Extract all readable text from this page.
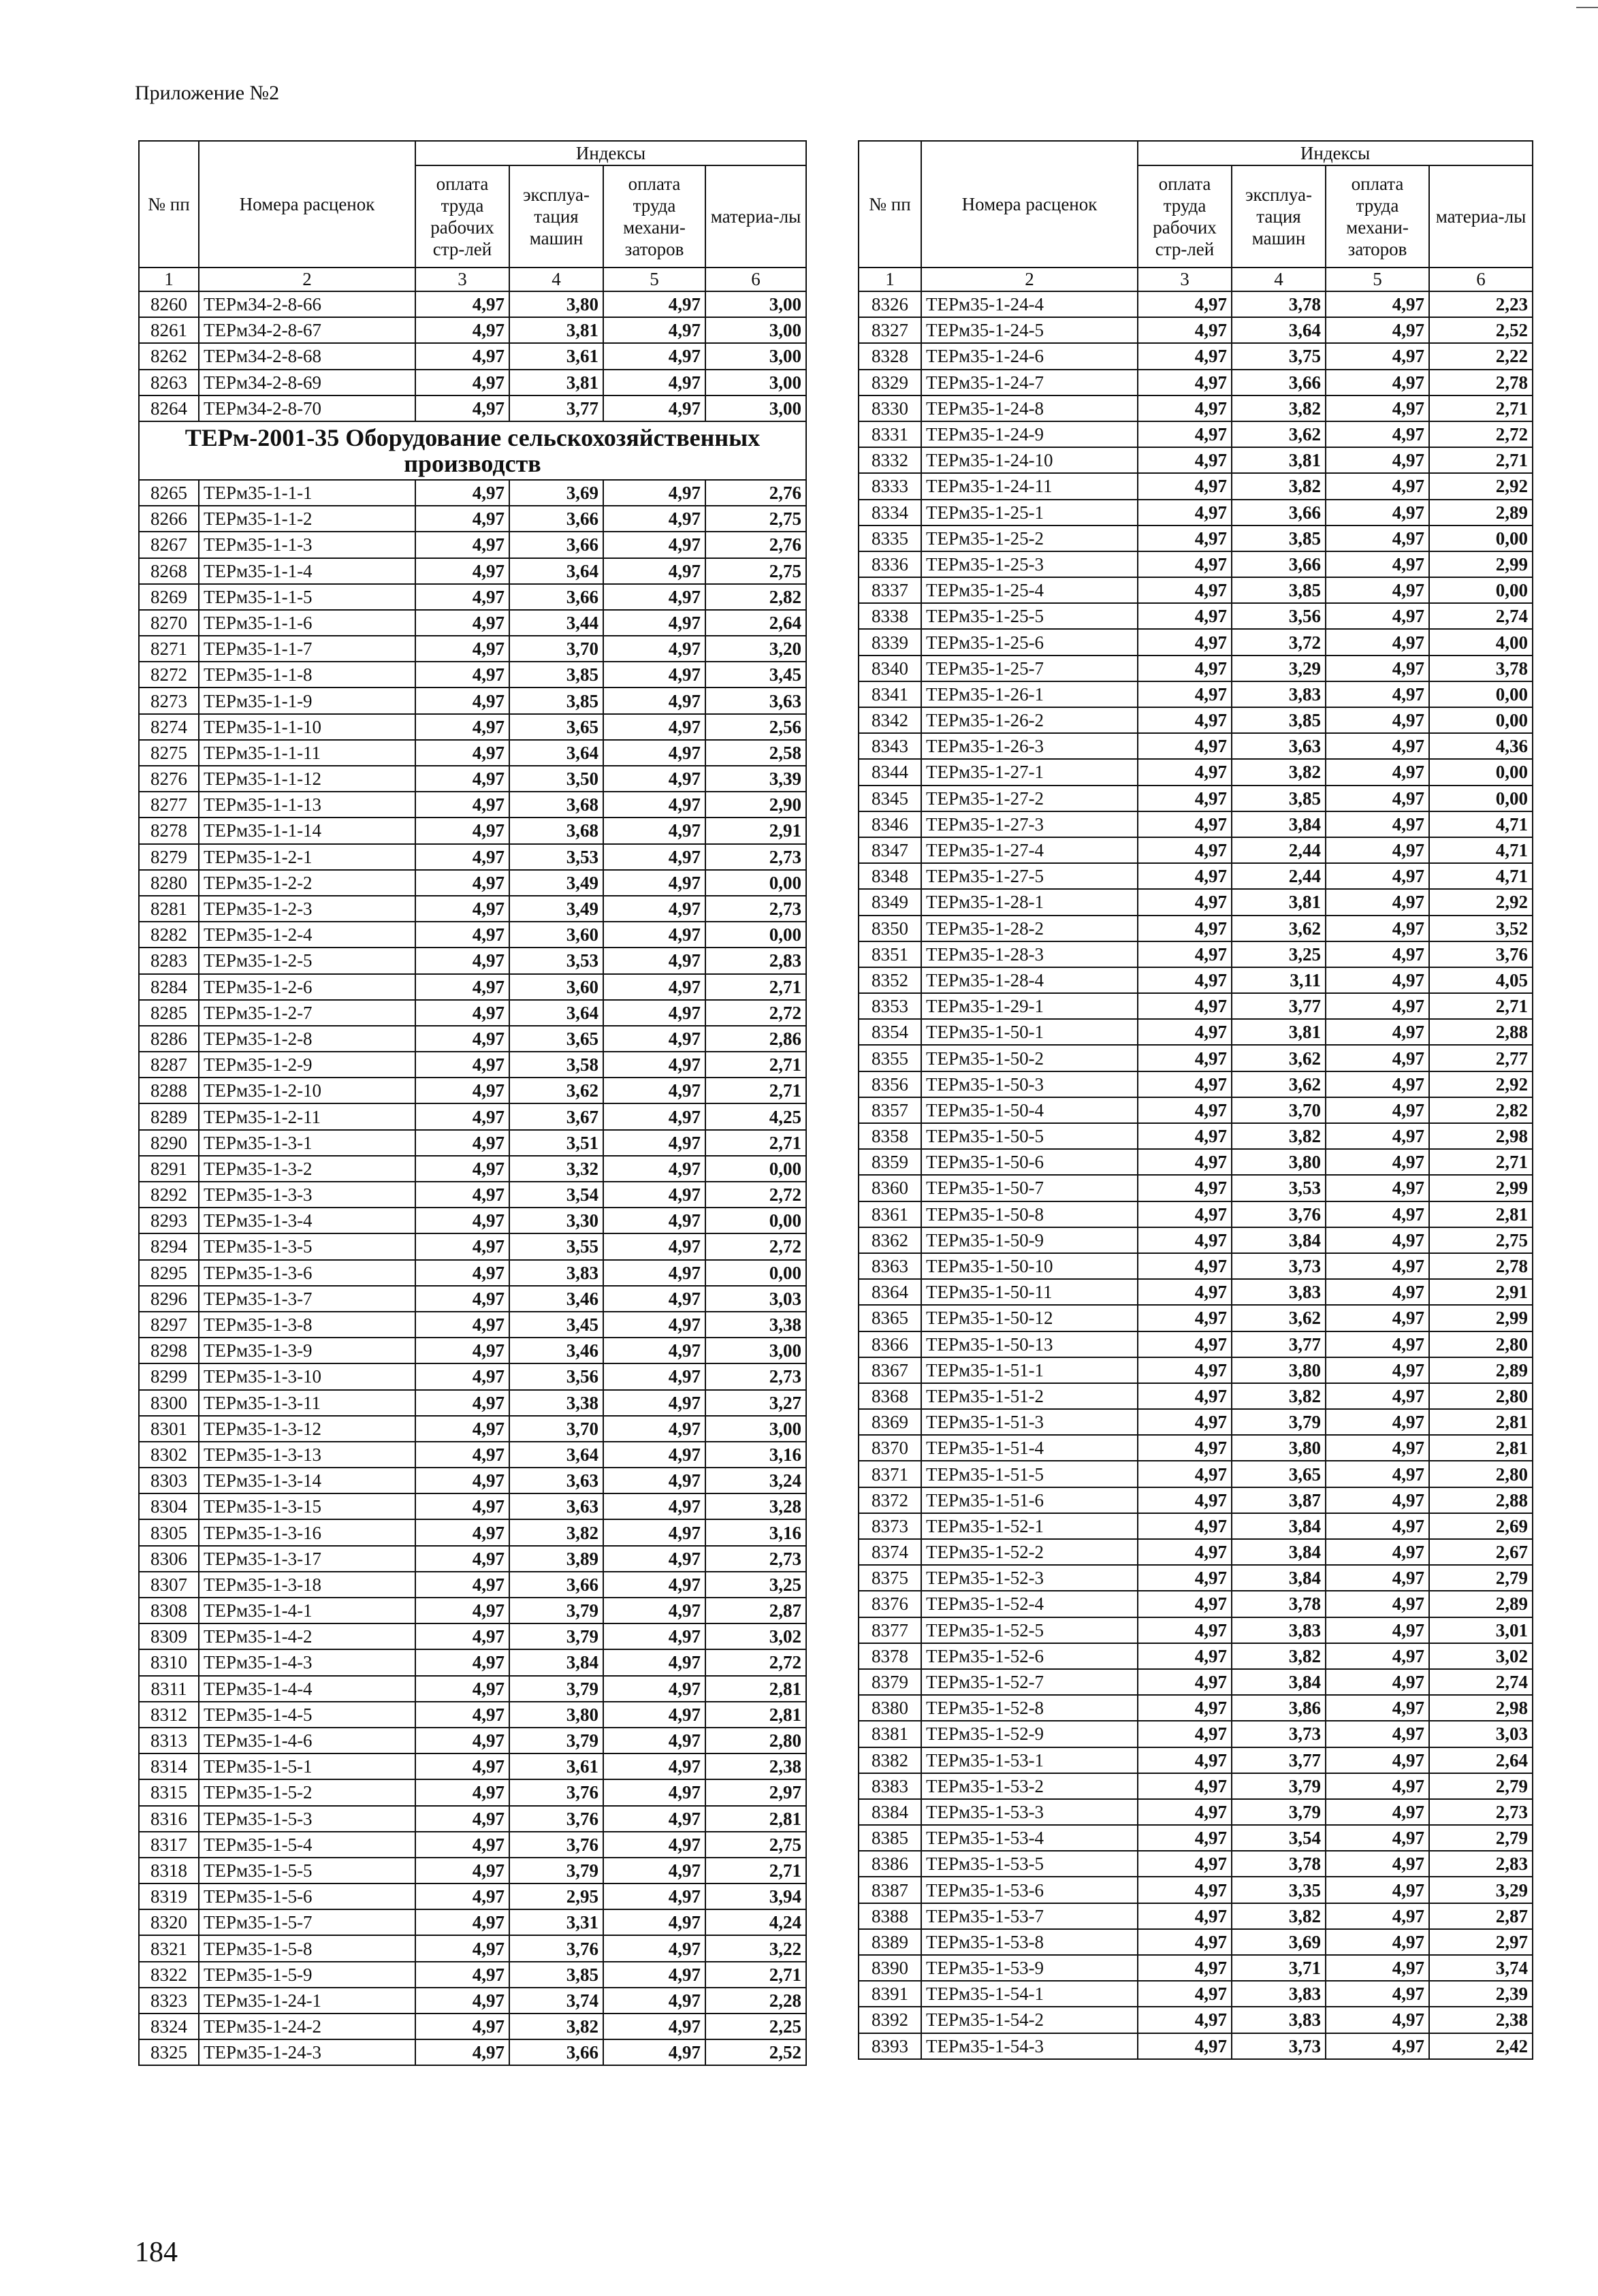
Приложение №2
№ пп	Номера расценок	Индексы			
		оплата труда рабочих стр-лей	эксплуа-тация машин	оплата труда механи-заторов	материа-лы
1	2	3	4	5	6
8260	ТЕРм34-2-8-66	4,97	3,80	4,97	3,00
8261	ТЕРм34-2-8-67	4,97	3,81	4,97	3,00
8262	ТЕРм34-2-8-68	4,97	3,61	4,97	3,00
8263	ТЕРм34-2-8-69	4,97	3,81	4,97	3,00
8264	ТЕРм34-2-8-70	4,97	3,77	4,97	3,00
ТЕРм-2001-35 Оборудование сельскохозяйственных производств					
8265	ТЕРм35-1-1-1	4,97	3,69	4,97	2,76
8266	ТЕРм35-1-1-2	4,97	3,66	4,97	2,75
8267	ТЕРм35-1-1-3	4,97	3,66	4,97	2,76
8268	ТЕРм35-1-1-4	4,97	3,64	4,97	2,75
8269	ТЕРм35-1-1-5	4,97	3,66	4,97	2,82
8270	ТЕРм35-1-1-6	4,97	3,44	4,97	2,64
8271	ТЕРм35-1-1-7	4,97	3,70	4,97	3,20
8272	ТЕРм35-1-1-8	4,97	3,85	4,97	3,45
8273	ТЕРм35-1-1-9	4,97	3,85	4,97	3,63
8274	ТЕРм35-1-1-10	4,97	3,65	4,97	2,56
8275	ТЕРм35-1-1-11	4,97	3,64	4,97	2,58
8276	ТЕРм35-1-1-12	4,97	3,50	4,97	3,39
8277	ТЕРм35-1-1-13	4,97	3,68	4,97	2,90
8278	ТЕРм35-1-1-14	4,97	3,68	4,97	2,91
8279	ТЕРм35-1-2-1	4,97	3,53	4,97	2,73
8280	ТЕРм35-1-2-2	4,97	3,49	4,97	0,00
8281	ТЕРм35-1-2-3	4,97	3,49	4,97	2,73
8282	ТЕРм35-1-2-4	4,97	3,60	4,97	0,00
8283	ТЕРм35-1-2-5	4,97	3,53	4,97	2,83
8284	ТЕРм35-1-2-6	4,97	3,60	4,97	2,71
8285	ТЕРм35-1-2-7	4,97	3,64	4,97	2,72
8286	ТЕРм35-1-2-8	4,97	3,65	4,97	2,86
8287	ТЕРм35-1-2-9	4,97	3,58	4,97	2,71
8288	ТЕРм35-1-2-10	4,97	3,62	4,97	2,71
8289	ТЕРм35-1-2-11	4,97	3,67	4,97	4,25
8290	ТЕРм35-1-3-1	4,97	3,51	4,97	2,71
8291	ТЕРм35-1-3-2	4,97	3,32	4,97	0,00
8292	ТЕРм35-1-3-3	4,97	3,54	4,97	2,72
8293	ТЕРм35-1-3-4	4,97	3,30	4,97	0,00
8294	ТЕРм35-1-3-5	4,97	3,55	4,97	2,72
8295	ТЕРм35-1-3-6	4,97	3,83	4,97	0,00
8296	ТЕРм35-1-3-7	4,97	3,46	4,97	3,03
8297	ТЕРм35-1-3-8	4,97	3,45	4,97	3,38
8298	ТЕРм35-1-3-9	4,97	3,46	4,97	3,00
8299	ТЕРм35-1-3-10	4,97	3,56	4,97	2,73
8300	ТЕРм35-1-3-11	4,97	3,38	4,97	3,27
8301	ТЕРм35-1-3-12	4,97	3,70	4,97	3,00
8302	ТЕРм35-1-3-13	4,97	3,64	4,97	3,16
8303	ТЕРм35-1-3-14	4,97	3,63	4,97	3,24
8304	ТЕРм35-1-3-15	4,97	3,63	4,97	3,28
8305	ТЕРм35-1-3-16	4,97	3,82	4,97	3,16
8306	ТЕРм35-1-3-17	4,97	3,89	4,97	2,73
8307	ТЕРм35-1-3-18	4,97	3,66	4,97	3,25
8308	ТЕРм35-1-4-1	4,97	3,79	4,97	2,87
8309	ТЕРм35-1-4-2	4,97	3,79	4,97	3,02
8310	ТЕРм35-1-4-3	4,97	3,84	4,97	2,72
8311	ТЕРм35-1-4-4	4,97	3,79	4,97	2,81
8312	ТЕРм35-1-4-5	4,97	3,80	4,97	2,81
8313	ТЕРм35-1-4-6	4,97	3,79	4,97	2,80
8314	ТЕРм35-1-5-1	4,97	3,61	4,97	2,38
8315	ТЕРм35-1-5-2	4,97	3,76	4,97	2,97
8316	ТЕРм35-1-5-3	4,97	3,76	4,97	2,81
8317	ТЕРм35-1-5-4	4,97	3,76	4,97	2,75
8318	ТЕРм35-1-5-5	4,97	3,79	4,97	2,71
8319	ТЕРм35-1-5-6	4,97	2,95	4,97	3,94
8320	ТЕРм35-1-5-7	4,97	3,31	4,97	4,24
8321	ТЕРм35-1-5-8	4,97	3,76	4,97	3,22
8322	ТЕРм35-1-5-9	4,97	3,85	4,97	2,71
8323	ТЕРм35-1-24-1	4,97	3,74	4,97	2,28
8324	ТЕРм35-1-24-2	4,97	3,82	4,97	2,25
8325	ТЕРм35-1-24-3	4,97	3,66	4,97	2,52
№ пп	Номера расценок	Индексы			
		оплата труда рабочих стр-лей	эксплуа-тация машин	оплата труда механи-заторов	материа-лы
1	2	3	4	5	6
8326	ТЕРм35-1-24-4	4,97	3,78	4,97	2,23
8327	ТЕРм35-1-24-5	4,97	3,64	4,97	2,52
8328	ТЕРм35-1-24-6	4,97	3,75	4,97	2,22
8329	ТЕРм35-1-24-7	4,97	3,66	4,97	2,78
8330	ТЕРм35-1-24-8	4,97	3,82	4,97	2,71
8331	ТЕРм35-1-24-9	4,97	3,62	4,97	2,72
8332	ТЕРм35-1-24-10	4,97	3,81	4,97	2,71
8333	ТЕРм35-1-24-11	4,97	3,82	4,97	2,92
8334	ТЕРм35-1-25-1	4,97	3,66	4,97	2,89
8335	ТЕРм35-1-25-2	4,97	3,85	4,97	0,00
8336	ТЕРм35-1-25-3	4,97	3,66	4,97	2,99
8337	ТЕРм35-1-25-4	4,97	3,85	4,97	0,00
8338	ТЕРм35-1-25-5	4,97	3,56	4,97	2,74
8339	ТЕРм35-1-25-6	4,97	3,72	4,97	4,00
8340	ТЕРм35-1-25-7	4,97	3,29	4,97	3,78
8341	ТЕРм35-1-26-1	4,97	3,83	4,97	0,00
8342	ТЕРм35-1-26-2	4,97	3,85	4,97	0,00
8343	ТЕРм35-1-26-3	4,97	3,63	4,97	4,36
8344	ТЕРм35-1-27-1	4,97	3,82	4,97	0,00
8345	ТЕРм35-1-27-2	4,97	3,85	4,97	0,00
8346	ТЕРм35-1-27-3	4,97	3,84	4,97	4,71
8347	ТЕРм35-1-27-4	4,97	2,44	4,97	4,71
8348	ТЕРм35-1-27-5	4,97	2,44	4,97	4,71
8349	ТЕРм35-1-28-1	4,97	3,81	4,97	2,92
8350	ТЕРм35-1-28-2	4,97	3,62	4,97	3,52
8351	ТЕРм35-1-28-3	4,97	3,25	4,97	3,76
8352	ТЕРм35-1-28-4	4,97	3,11	4,97	4,05
8353	ТЕРм35-1-29-1	4,97	3,77	4,97	2,71
8354	ТЕРм35-1-50-1	4,97	3,81	4,97	2,88
8355	ТЕРм35-1-50-2	4,97	3,62	4,97	2,77
8356	ТЕРм35-1-50-3	4,97	3,62	4,97	2,92
8357	ТЕРм35-1-50-4	4,97	3,70	4,97	2,82
8358	ТЕРм35-1-50-5	4,97	3,82	4,97	2,98
8359	ТЕРм35-1-50-6	4,97	3,80	4,97	2,71
8360	ТЕРм35-1-50-7	4,97	3,53	4,97	2,99
8361	ТЕРм35-1-50-8	4,97	3,76	4,97	2,81
8362	ТЕРм35-1-50-9	4,97	3,84	4,97	2,75
8363	ТЕРм35-1-50-10	4,97	3,73	4,97	2,78
8364	ТЕРм35-1-50-11	4,97	3,83	4,97	2,91
8365	ТЕРм35-1-50-12	4,97	3,62	4,97	2,99
8366	ТЕРм35-1-50-13	4,97	3,77	4,97	2,80
8367	ТЕРм35-1-51-1	4,97	3,80	4,97	2,89
8368	ТЕРм35-1-51-2	4,97	3,82	4,97	2,80
8369	ТЕРм35-1-51-3	4,97	3,79	4,97	2,81
8370	ТЕРм35-1-51-4	4,97	3,80	4,97	2,81
8371	ТЕРм35-1-51-5	4,97	3,65	4,97	2,80
8372	ТЕРм35-1-51-6	4,97	3,87	4,97	2,88
8373	ТЕРм35-1-52-1	4,97	3,84	4,97	2,69
8374	ТЕРм35-1-52-2	4,97	3,84	4,97	2,67
8375	ТЕРм35-1-52-3	4,97	3,84	4,97	2,79
8376	ТЕРм35-1-52-4	4,97	3,78	4,97	2,89
8377	ТЕРм35-1-52-5	4,97	3,83	4,97	3,01
8378	ТЕРм35-1-52-6	4,97	3,82	4,97	3,02
8379	ТЕРм35-1-52-7	4,97	3,84	4,97	2,74
8380	ТЕРм35-1-52-8	4,97	3,86	4,97	2,98
8381	ТЕРм35-1-52-9	4,97	3,73	4,97	3,03
8382	ТЕРм35-1-53-1	4,97	3,77	4,97	2,64
8383	ТЕРм35-1-53-2	4,97	3,79	4,97	2,79
8384	ТЕРм35-1-53-3	4,97	3,79	4,97	2,73
8385	ТЕРм35-1-53-4	4,97	3,54	4,97	2,79
8386	ТЕРм35-1-53-5	4,97	3,78	4,97	2,83
8387	ТЕРм35-1-53-6	4,97	3,35	4,97	3,29
8388	ТЕРм35-1-53-7	4,97	3,82	4,97	2,87
8389	ТЕРм35-1-53-8	4,97	3,69	4,97	2,97
8390	ТЕРм35-1-53-9	4,97	3,71	4,97	3,74
8391	ТЕРм35-1-54-1	4,97	3,83	4,97	2,39
8392	ТЕРм35-1-54-2	4,97	3,83	4,97	2,38
8393	ТЕРм35-1-54-3	4,97	3,73	4,97	2,42
184
